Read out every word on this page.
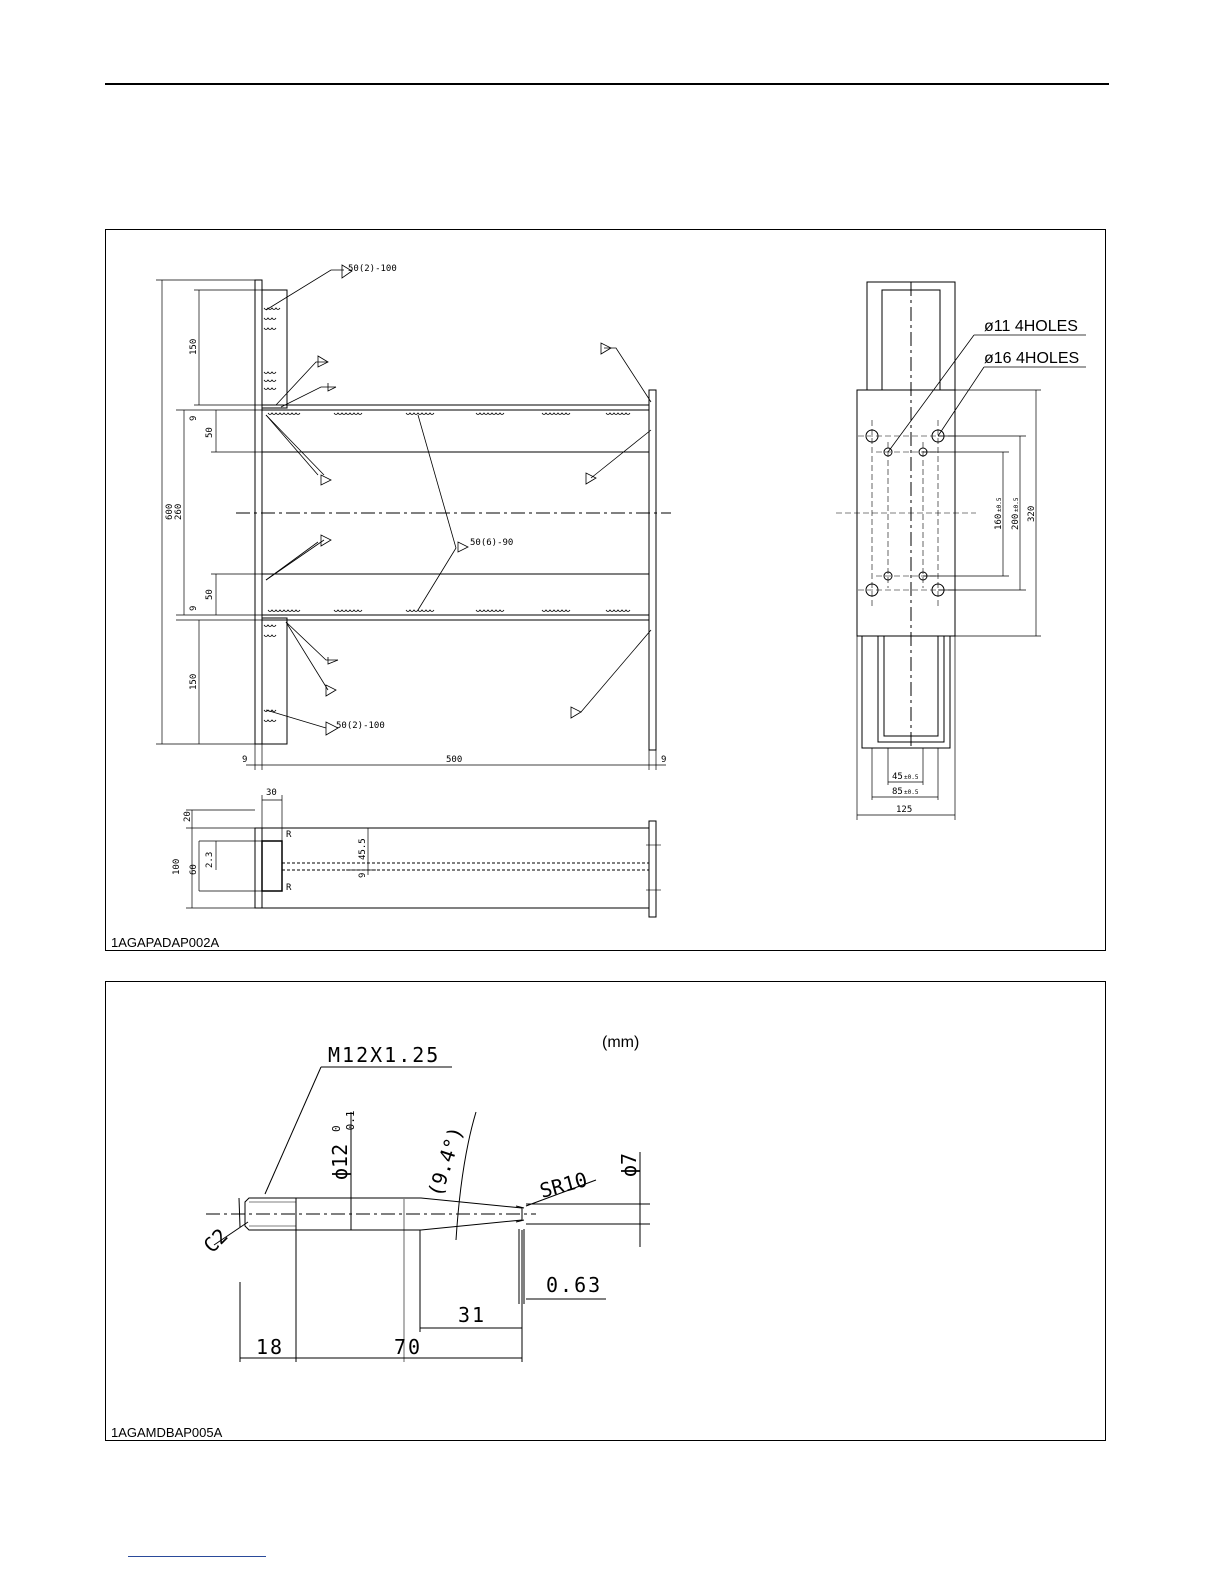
600
150
9
50
260
50
9
150
9	500	9
50(2)-100
50(6)-90
50(2)-100
30
20
100 60
2.3	45.5
9
R
R
320
200
160
±0.5
±0.5
45 ±0.5
85 ±0.5
125
ø11 4HOLES
ø16 4HOLES
1AGAPADAP002A
M12X1.25
ϕ12
0 -0.1	(9.4°)	SR10
ϕ7
C2
0.63
31
18	70
(mm)
1AGAMDBAP005A
